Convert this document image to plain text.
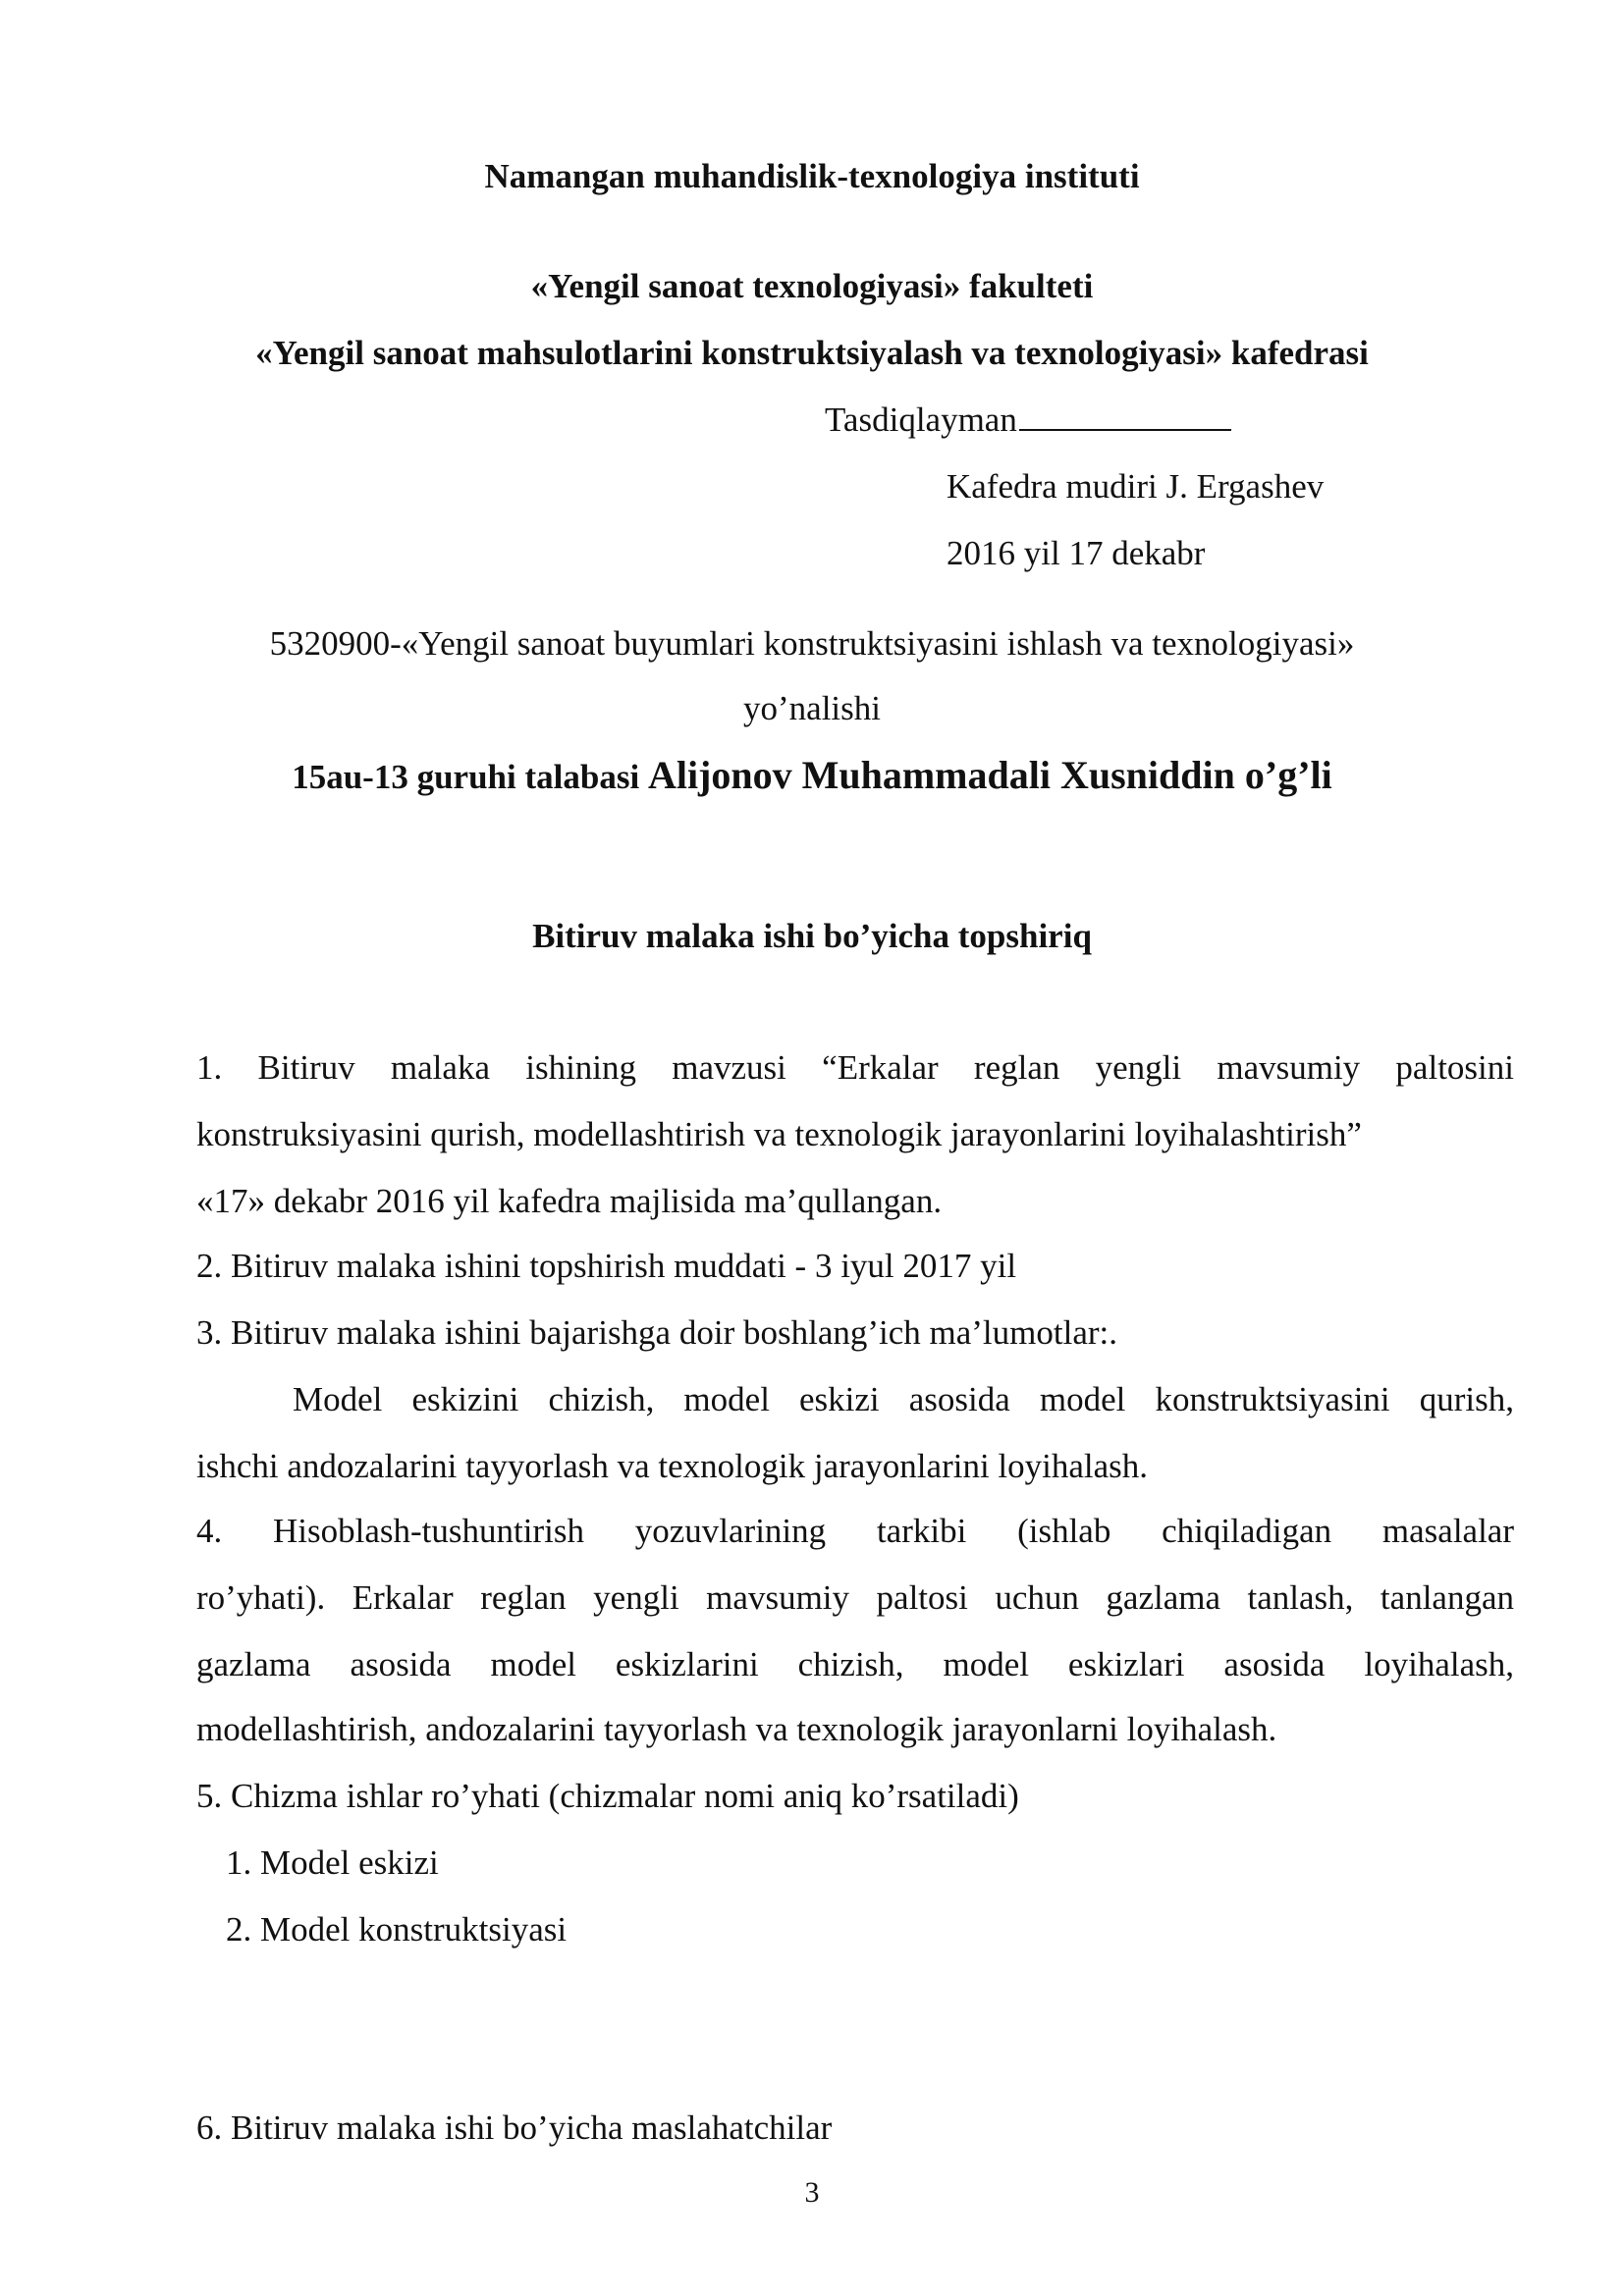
Namangan muhandislik-texnologiya instituti
«Yengil sanoat texnologiyasi» fakulteti
«Yengil sanoat mahsulotlarini konstruktsiyalash va texnologiyasi» kafedrasi
Tasdiqlayman
Kafedra mudiri J. Ergashev
2016 yil 17 dekabr
5320900-«Yengil sanoat buyumlari konstruktsiyasini ishlash va texnologiyasi»
yo’nalishi
15au-13 guruhi talabasi Alijonov Muhammadali Xusniddin o’g’li
Bitiruv malaka ishi bo’yicha topshiriq
1. Bitiruv malaka ishining mavzusi “Erkalar reglan yengli mavsumiy paltosini
konstruksiyasini qurish, modellashtirish va texnologik jarayonlarini loyihalashtirish”
«17» dekabr 2016 yil kafedra majlisida ma’qullangan.
2. Bitiruv malaka ishini topshirish muddati - 3 iyul 2017 yil
3. Bitiruv malaka ishini bajarishga doir boshlang’ich ma’lumotlar:.
Model eskizini chizish, model eskizi asosida model konstruktsiyasini qurish,
ishchi andozalarini tayyorlash va texnologik jarayonlarini loyihalash.
4. Hisoblash-tushuntirish yozuvlarining tarkibi (ishlab chiqiladigan masalalar
ro’yhati). Erkalar reglan yengli mavsumiy paltosi uchun gazlama tanlash, tanlangan
gazlama asosida model eskizlarini chizish, model eskizlari asosida loyihalash,
modellashtirish, andozalarini tayyorlash va texnologik jarayonlarni loyihalash.
5. Chizma ishlar ro’yhati (chizmalar nomi aniq ko’rsatiladi)
1. Model eskizi
2. Model konstruktsiyasi
6. Bitiruv malaka ishi bo’yicha maslahatchilar
3
